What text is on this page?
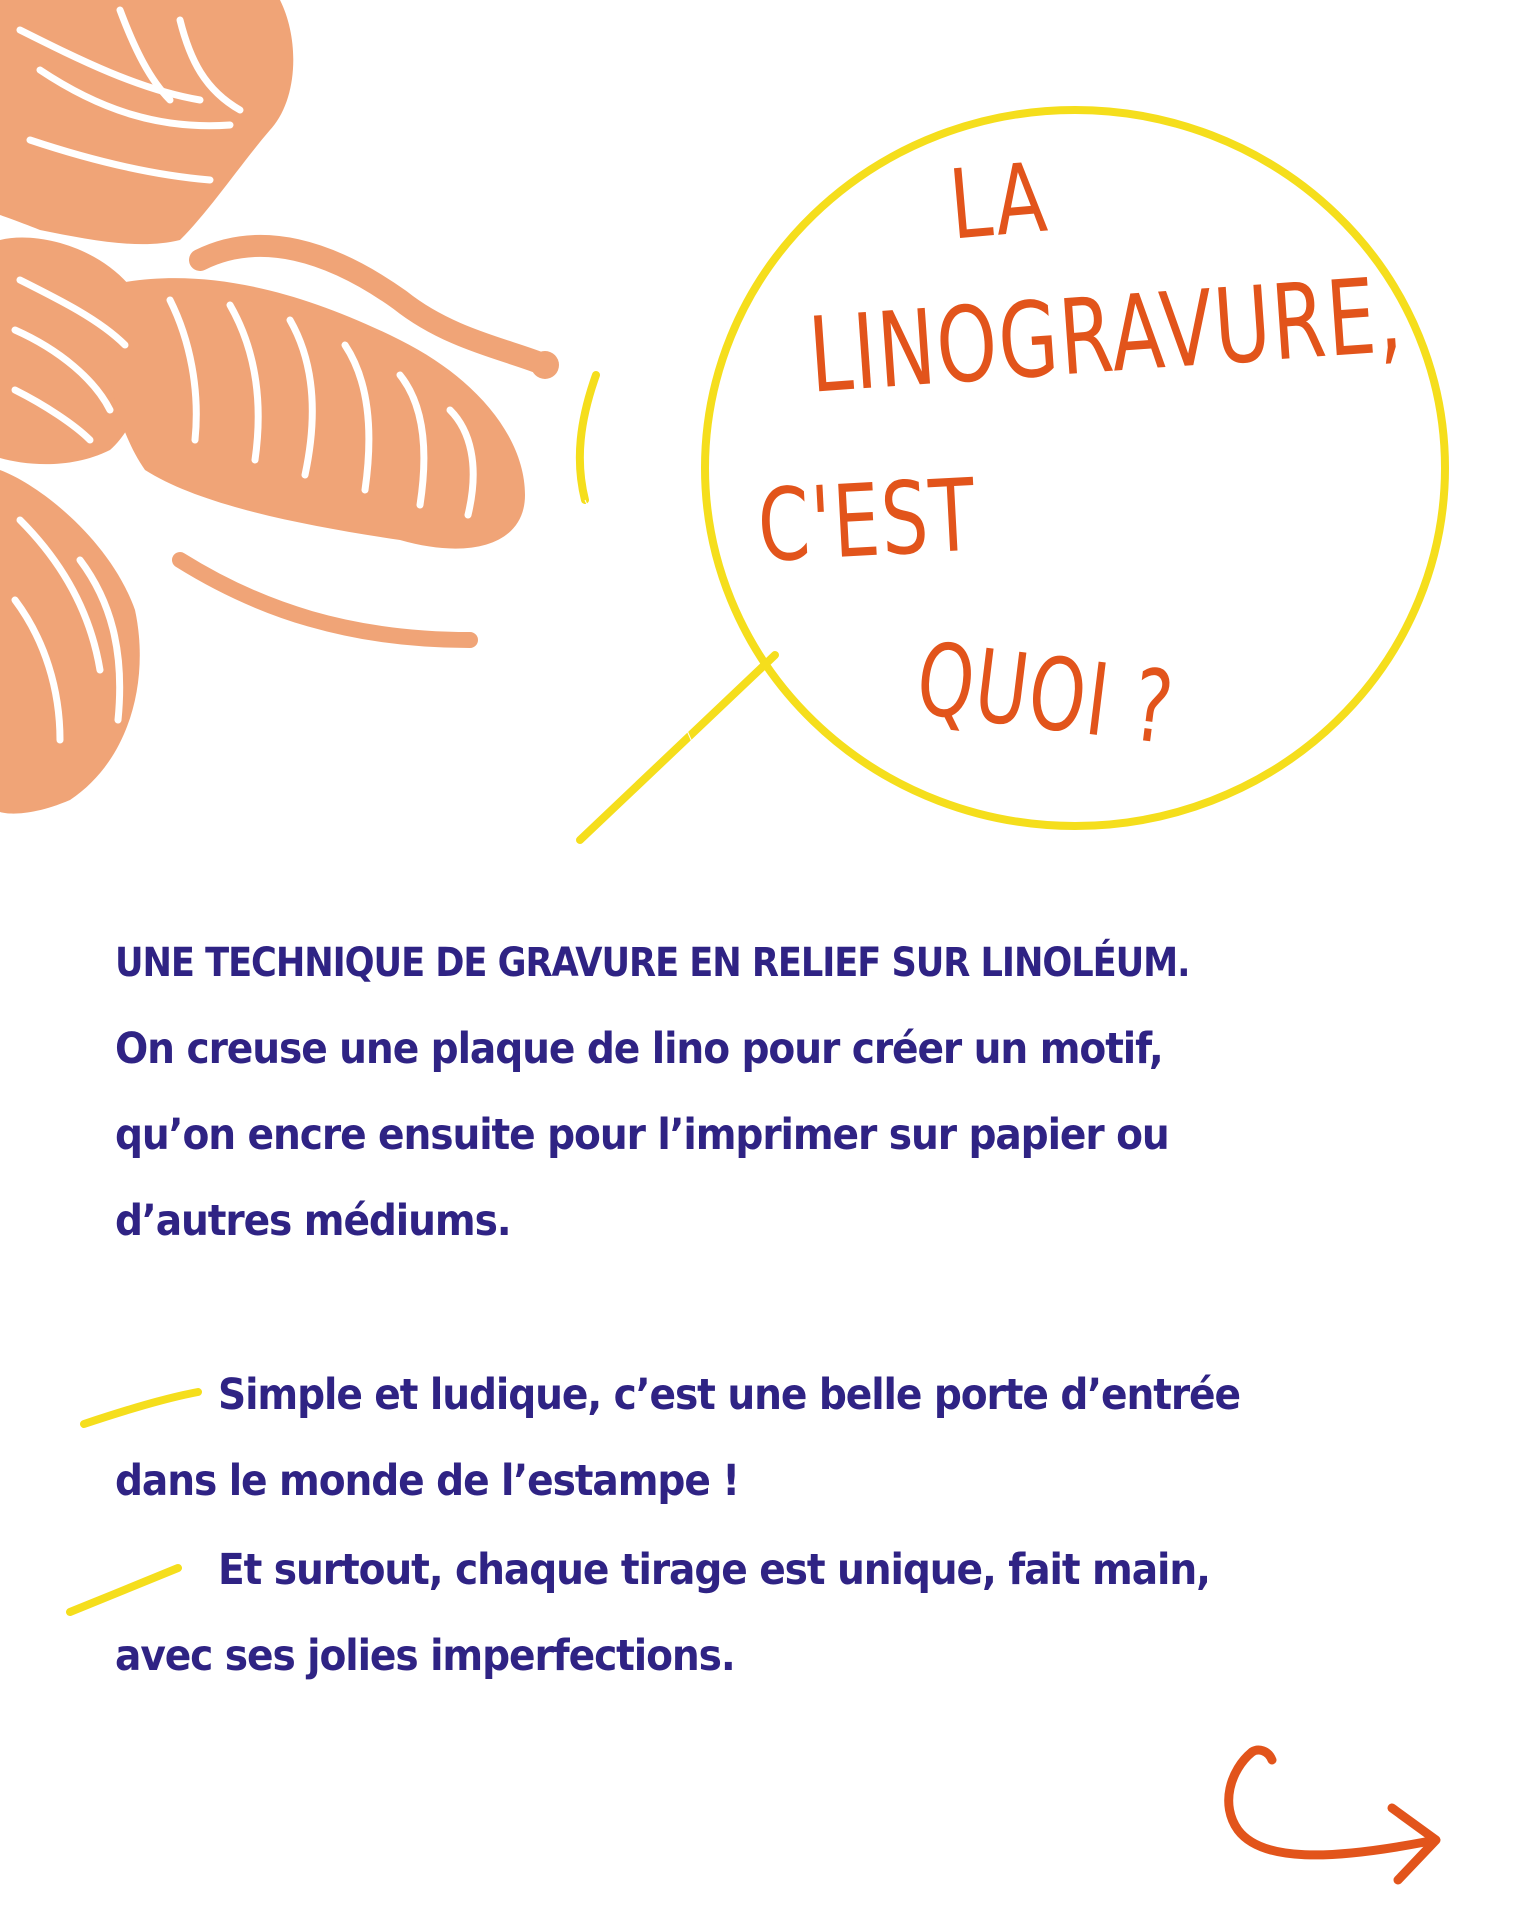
LA
LINOGRAVURE,
C'EST
QUOI ?
UNE TECHNIQUE DE GRAVURE EN RELIEF SUR LINOLÉUM.

On creuse une plaque de lino pour créer un motif,

qu’on encre ensuite pour l’imprimer sur papier ou

d’autres médiums.

Simple et ludique, c’est une belle porte d’entrée

dans le monde de l’estampe !

Et surtout, chaque tirage est unique, fait main,

avec ses jolies imperfections.
